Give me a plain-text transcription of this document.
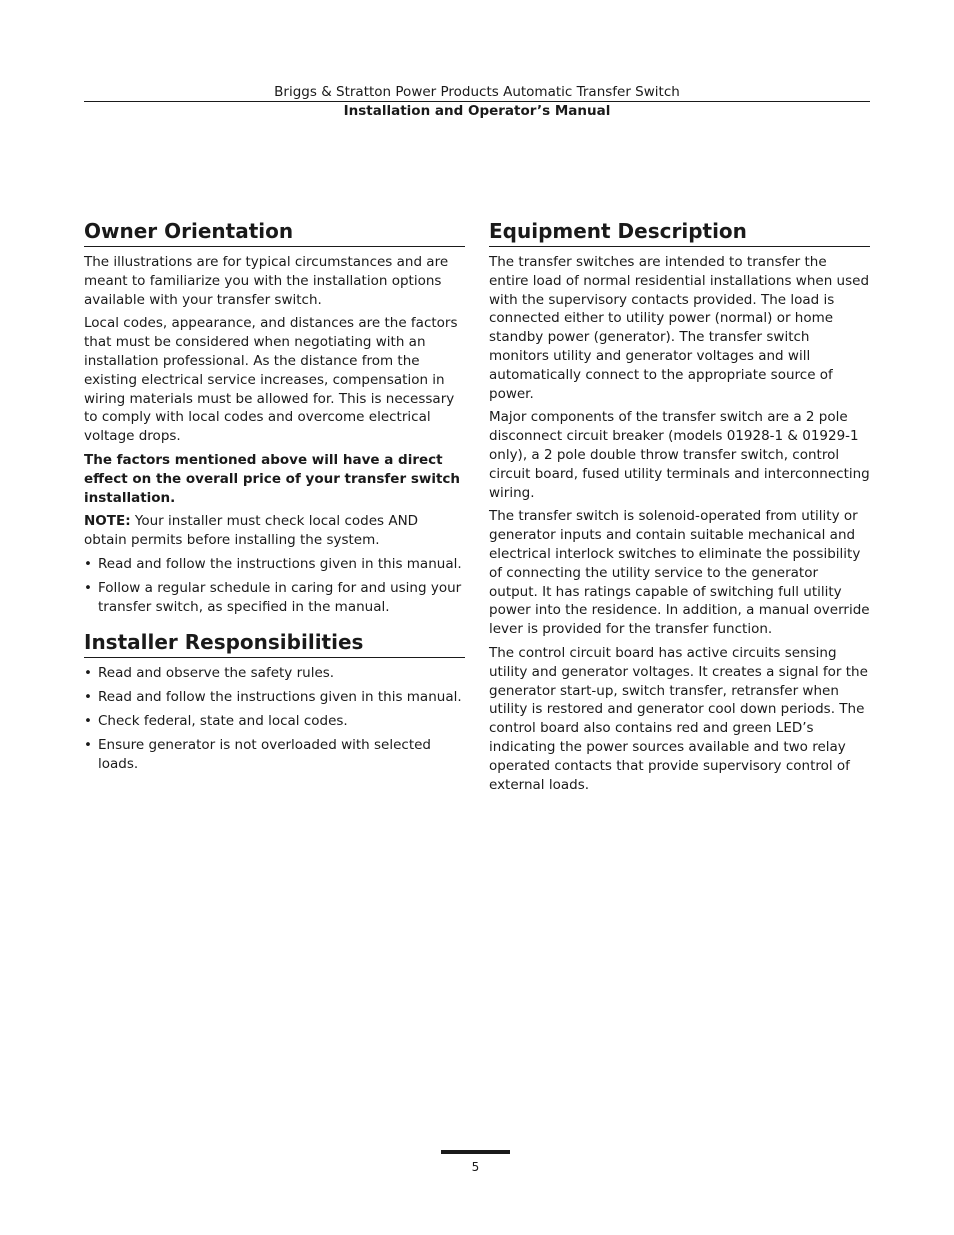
Briggs & Stratton Power Products Automatic Transfer Switch
Installation and Operator’s Manual
Owner Orientation

The illustrations are for typical circumstances and are meant to familiarize you with the installation options available with your transfer switch.

Local codes, appearance, and distances are the factors that must be considered when negotiating with an installation professional. As the distance from the existing electrical service increases, compensation in wiring materials must be allowed for. This is necessary to comply with local codes and overcome electrical voltage drops.

The factors mentioned above will have a direct effect on the overall price of your transfer switch installation.

NOTE: Your installer must check local codes AND obtain permits before installing the system.

• Read and follow the instructions given in this manual.
• Follow a regular schedule in caring for and using your transfer switch, as specified in the manual.
Installer Responsibilities
• Read and observe the safety rules.
• Read and follow the instructions given in this manual.
• Check federal, state and local codes.
• Ensure generator is not overloaded with selected loads.
Equipment Description

The transfer switches are intended to transfer the entire load of normal residential installations when used with the supervisory contacts provided. The load is connected either to utility power (normal) or home standby power (generator). The transfer switch monitors utility and generator voltages and will automatically connect to the appropriate source of power.

Major components of the transfer switch are a 2 pole disconnect circuit breaker (models 01928-1 & 01929-1 only), a 2 pole double throw transfer switch, control circuit board, fused utility terminals and interconnecting wiring.

The transfer switch is solenoid-operated from utility or generator inputs and contain suitable mechanical and electrical interlock switches to eliminate the possibility of connecting the utility service to the generator output. It has ratings capable of switching full utility power into the residence. In addition, a manual override lever is provided for the transfer function.

The control circuit board has active circuits sensing utility and generator voltages. It creates a signal for the generator start-up, switch transfer, retransfer when utility is restored and generator cool down periods. The control board also contains red and green LED’s indicating the power sources available and two relay operated contacts that provide supervisory control of external loads.

5
